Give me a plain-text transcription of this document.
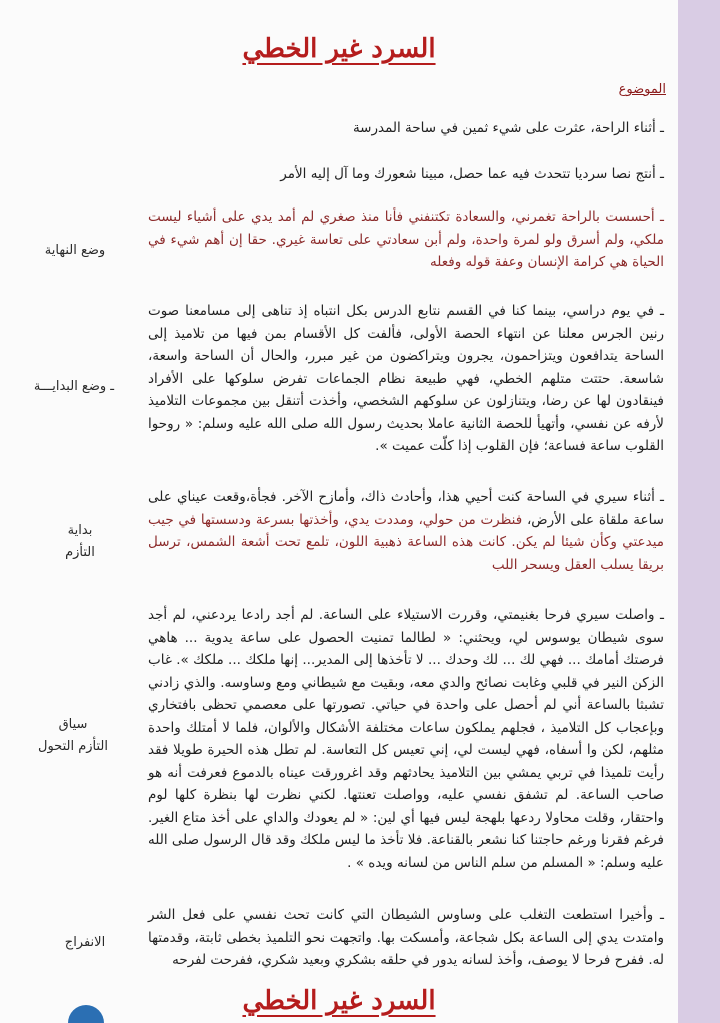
السرد غير الخطي
الموضوع
ـ أثناء الراحة، عثرت على شيء ثمين في ساحة المدرسة
ـ أنتج نصا سرديا تتحدث فيه عما حصل، مبينا شعورك وما آل إليه الأمر

ـ أحسست بالراحة تغمرني، والسعادة تكتنفني فأنا منذ صغري لم أمد يدي على أشياء ليست ملكي، ولم أسرق ولو لمرة واحدة، ولم أبن سعادتي على تعاسة غيري. حقا إن أهم شيء في الحياة هي كرامة الإنسان وعفة قوله وفعله

وضع النهاية

ـ في يوم دراسي، بينما كنا في القسم نتابع الدرس بكل انتباه إذ تناهى إلى مسامعنا صوت رنين الجرس معلنا عن انتهاء الحصة الأولى، فألفت كل الأقسام بمن فيها من تلاميذ إلى الساحة يتدافعون ويتزاحمون، يجرون ويتراكضون من غير مبرر، والحال أن الساحة واسعة، شاسعة. حتتت متلهم الخطي، فهي طبيعة نظام الجماعات تفرض سلوكها على الأفراد فينقادون لها عن رضا، ويتنازلون عن سلوكهم الشخصي، وأخذت أتنقل بين مجموعات التلاميذ لأرفه عن نفسي، وأتهيأ للحصة الثانية عاملا بحديث رسول الله صلى الله عليه وسلم: « روحوا القلوب ساعة فساعة؛ فإن القلوب إذا كلّت عميت ».

ـ وضع البدايـــة

ـ أثناء سيري في الساحة كنت أحيي هذا، وأحادث ذاك، وأمازح الآخر. فجأة،وقعت عيناي على ساعة ملقاة على الأرض، فنظرت من حولي، ومددت يدي، وأخذتها بسرعة ودسستها في جيب ميدعتي وكأن شيئا لم يكن. كانت هذه الساعة ذهبية اللون، تلمع تحت أشعة الشمس، ترسل بريقا يسلب العقل ويسحر اللب

بداية
التأزم

ـ واصلت سيري فرحا بغنيمتي، وقررت الاستيلاء على الساعة. لم أجد رادعا يردعني، لم أجد سوى شيطان يوسوس لي، ويحثني: « لطالما تمنيت الحصول على ساعة يدوية ... هاهي فرصتك أمامك ... فهي لك ... لك وحدك ... لا تأخذها إلى المدير... إنها ملكك ... ملكك ». غاب الزكن النير في قلبي وغابت نصائح والدي معه، وبقيت مع شيطاني ومع وساوسه. والذي زادني تشبثا بالساعة أني لم أحصل على واحدة في حياتي. تصورتها على معصمي تحظى بافتخاري وبإعجاب كل التلاميذ ، فجلهم يملكون ساعات مختلفة الأشكال والألوان، فلما لا أمتلك واحدة مثلهم، لكن وا أسفاه، فهي ليست لي، إني تعيس كل التعاسة. لم تطل هذه الحيرة طويلا فقد رأيت تلميذا في تربي يمشي بين التلاميذ يحادثهم وقد اغرورقت عيناه بالدموع فعرفت أنه هو صاحب الساعة. لم تشفق نفسي عليه، وواصلت تعنتها. لكني نظرت لها بنظرة كلها لوم واحتقار، وقلت محاولا ردعها بلهجة ليس فيها أي لين: « لم يعودك والداي على أخذ متاع الغير. فرغم فقرنا ورغم حاجتنا كنا نشعر بالقناعة. فلا تأخذ ما ليس ملكك وقد قال الرسول صلى الله عليه وسلم: « المسلم من سلم الناس من لسانه ويده » .

سياق
التأزم التحول

ـ وأخيرا استطعت التغلب على وساوس الشيطان التي كانت تحث نفسي على فعل الشر وامتدت يدي إلى الساعة بكل شجاعة، وأمسكت بها. واتجهت نحو التلميذ بخطى ثابتة، وقدمتها له. ففرح فرحا لا يوصف، وأخذ لسانه يدور في حلقه بشكري وبعيد شكري، ففرحت لفرحه

الانفراج
السرد غير الخطي
